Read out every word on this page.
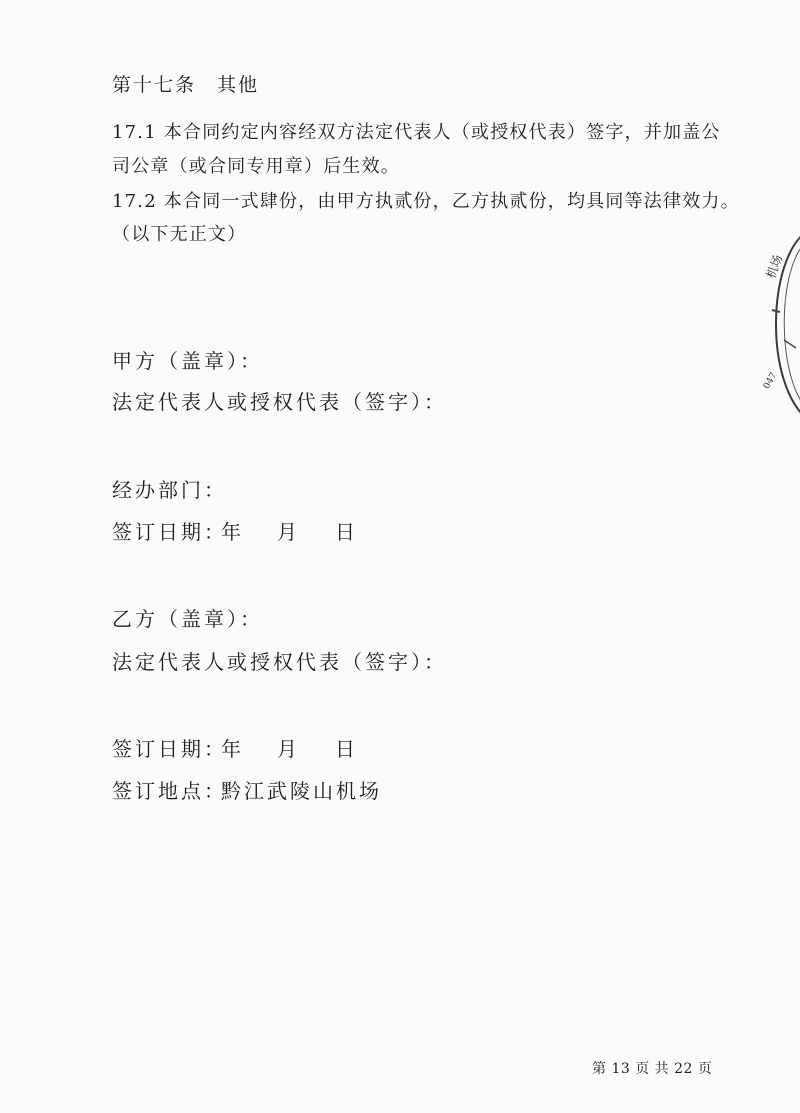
第十七条　其他
17.1 本合同约定内容经双方法定代表人（或授权代表）签字，并加盖公
司公章（或合同专用章）后生效。
17.2 本合同一式肆份，由甲方执贰份，乙方执贰份，均具同等法律效力。
（以下无正文）
甲方（盖章）：
法定代表人或授权代表（签字）：
经办部门：
签订日期：
年 月 日
乙方（盖章）：
法定代表人或授权代表（签字）：
签订日期：
年 月 日
签订地点：
黔江武陵山机场
机场
047
第 13 页 共 22 页
